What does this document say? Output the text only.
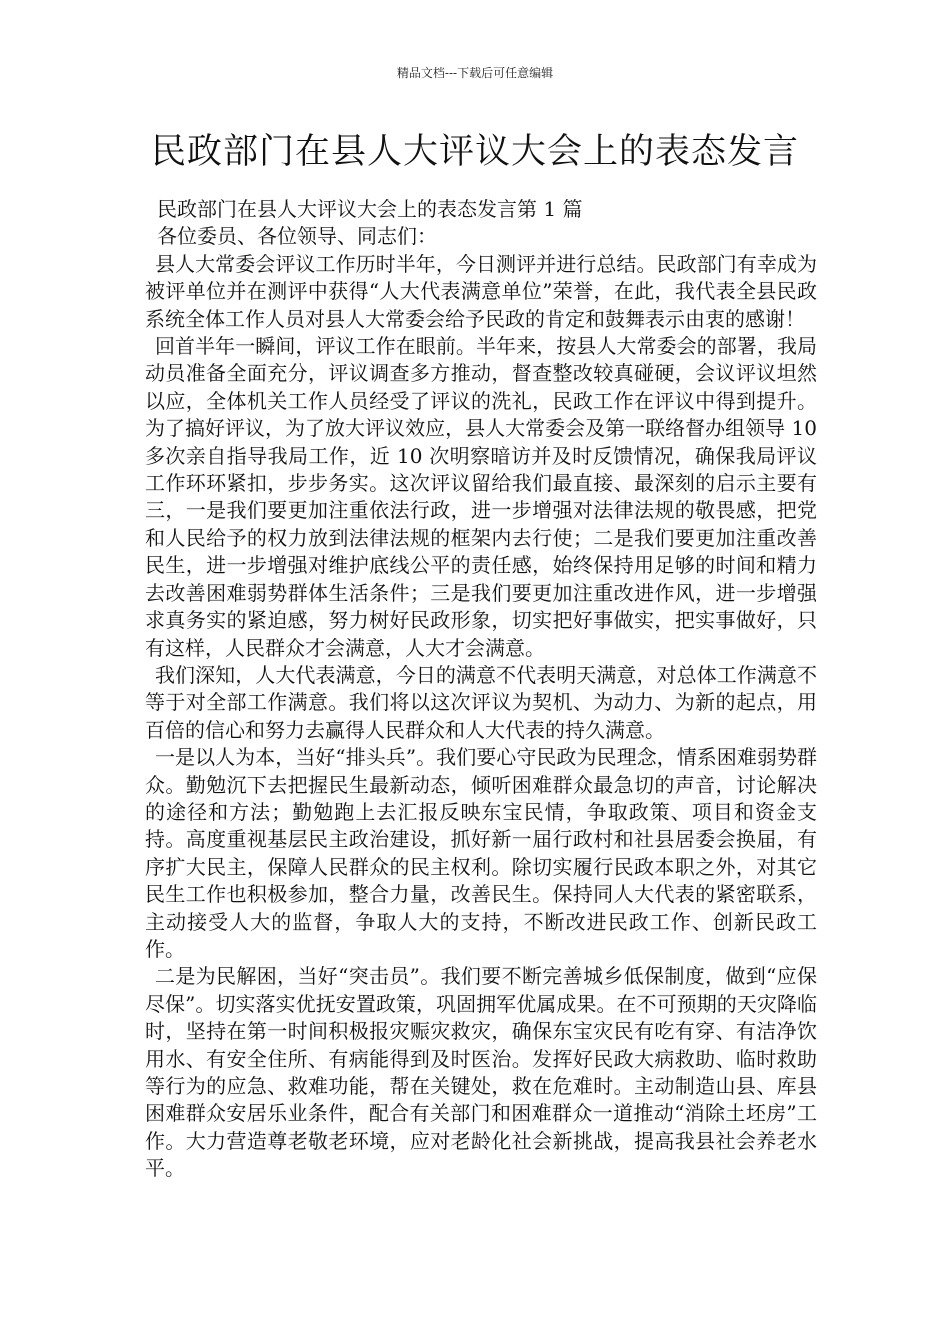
精品文档---下载后可任意编辑
民政部门在县人大评议大会上的表态发言

民政部门在县人大评议大会上的表态发言第 1 篇

各位委员、各位领导、同志们：

县人大常委会评议工作历时半年，今日测评并进行总结。民政部门有幸成为被评单位并在测评中获得“人大代表满意单位”荣誉，在此，我代表全县民政系统全体工作人员对县人大常委会给予民政的肯定和鼓舞表示由衷的感谢！

回首半年一瞬间，评议工作在眼前。半年来，按县人大常委会的部署，我局动员准备全面充分，评议调查多方推动，督查整改较真碰硬，会议评议坦然以应，全体机关工作人员经受了评议的洗礼，民政工作在评议中得到提升。为了搞好评议，为了放大评议效应，县人大常委会及第一联络督办组领导 10 多次亲自指导我局工作，近 10 次明察暗访并及时反馈情况，确保我局评议工作环环紧扣，步步务实。这次评议留给我们最直接、最深刻的启示主要有三，一是我们要更加注重依法行政，进一步增强对法律法规的敬畏感，把党和人民给予的权力放到法律法规的框架内去行使；二是我们要更加注重改善民生，进一步增强对维护底线公平的责任感，始终保持用足够的时间和精力去改善困难弱势群体生活条件；三是我们要更加注重改进作风，进一步增强求真务实的紧迫感，努力树好民政形象，切实把好事做实，把实事做好，只有这样，人民群众才会满意，人大才会满意。

我们深知，人大代表满意，今日的满意不代表明天满意，对总体工作满意不等于对全部工作满意。我们将以这次评议为契机、为动力、为新的起点，用百倍的信心和努力去赢得人民群众和人大代表的持久满意。

一是以人为本，当好“排头兵”。我们要心守民政为民理念，情系困难弱势群众。勤勉沉下去把握民生最新动态，倾听困难群众最急切的声音，讨论解决的途径和方法；勤勉跑上去汇报反映东宝民情，争取政策、项目和资金支持。高度重视基层民主政治建设，抓好新一届行政村和社县居委会换届，有序扩大民主，保障人民群众的民主权利。除切实履行民政本职之外，对其它民生工作也积极参加，整合力量，改善民生。保持同人大代表的紧密联系，主动接受人大的监督，争取人大的支持，不断改进民政工作、创新民政工作。

二是为民解困，当好“突击员”。我们要不断完善城乡低保制度，做到“应保尽保”。切实落实优抚安置政策，巩固拥军优属成果。在不可预期的天灾降临时，坚持在第一时间积极报灾赈灾救灾，确保东宝灾民有吃有穿、有洁净饮用水、有安全住所、有病能得到及时医治。发挥好民政大病救助、临时救助等行为的应急、救难功能，帮在关键处，救在危难时。主动制造山县、库县困难群众安居乐业条件，配合有关部门和困难群众一道推动“消除土坯房”工作。大力营造尊老敬老环境，应对老龄化社会新挑战，提高我县社会养老水平。
